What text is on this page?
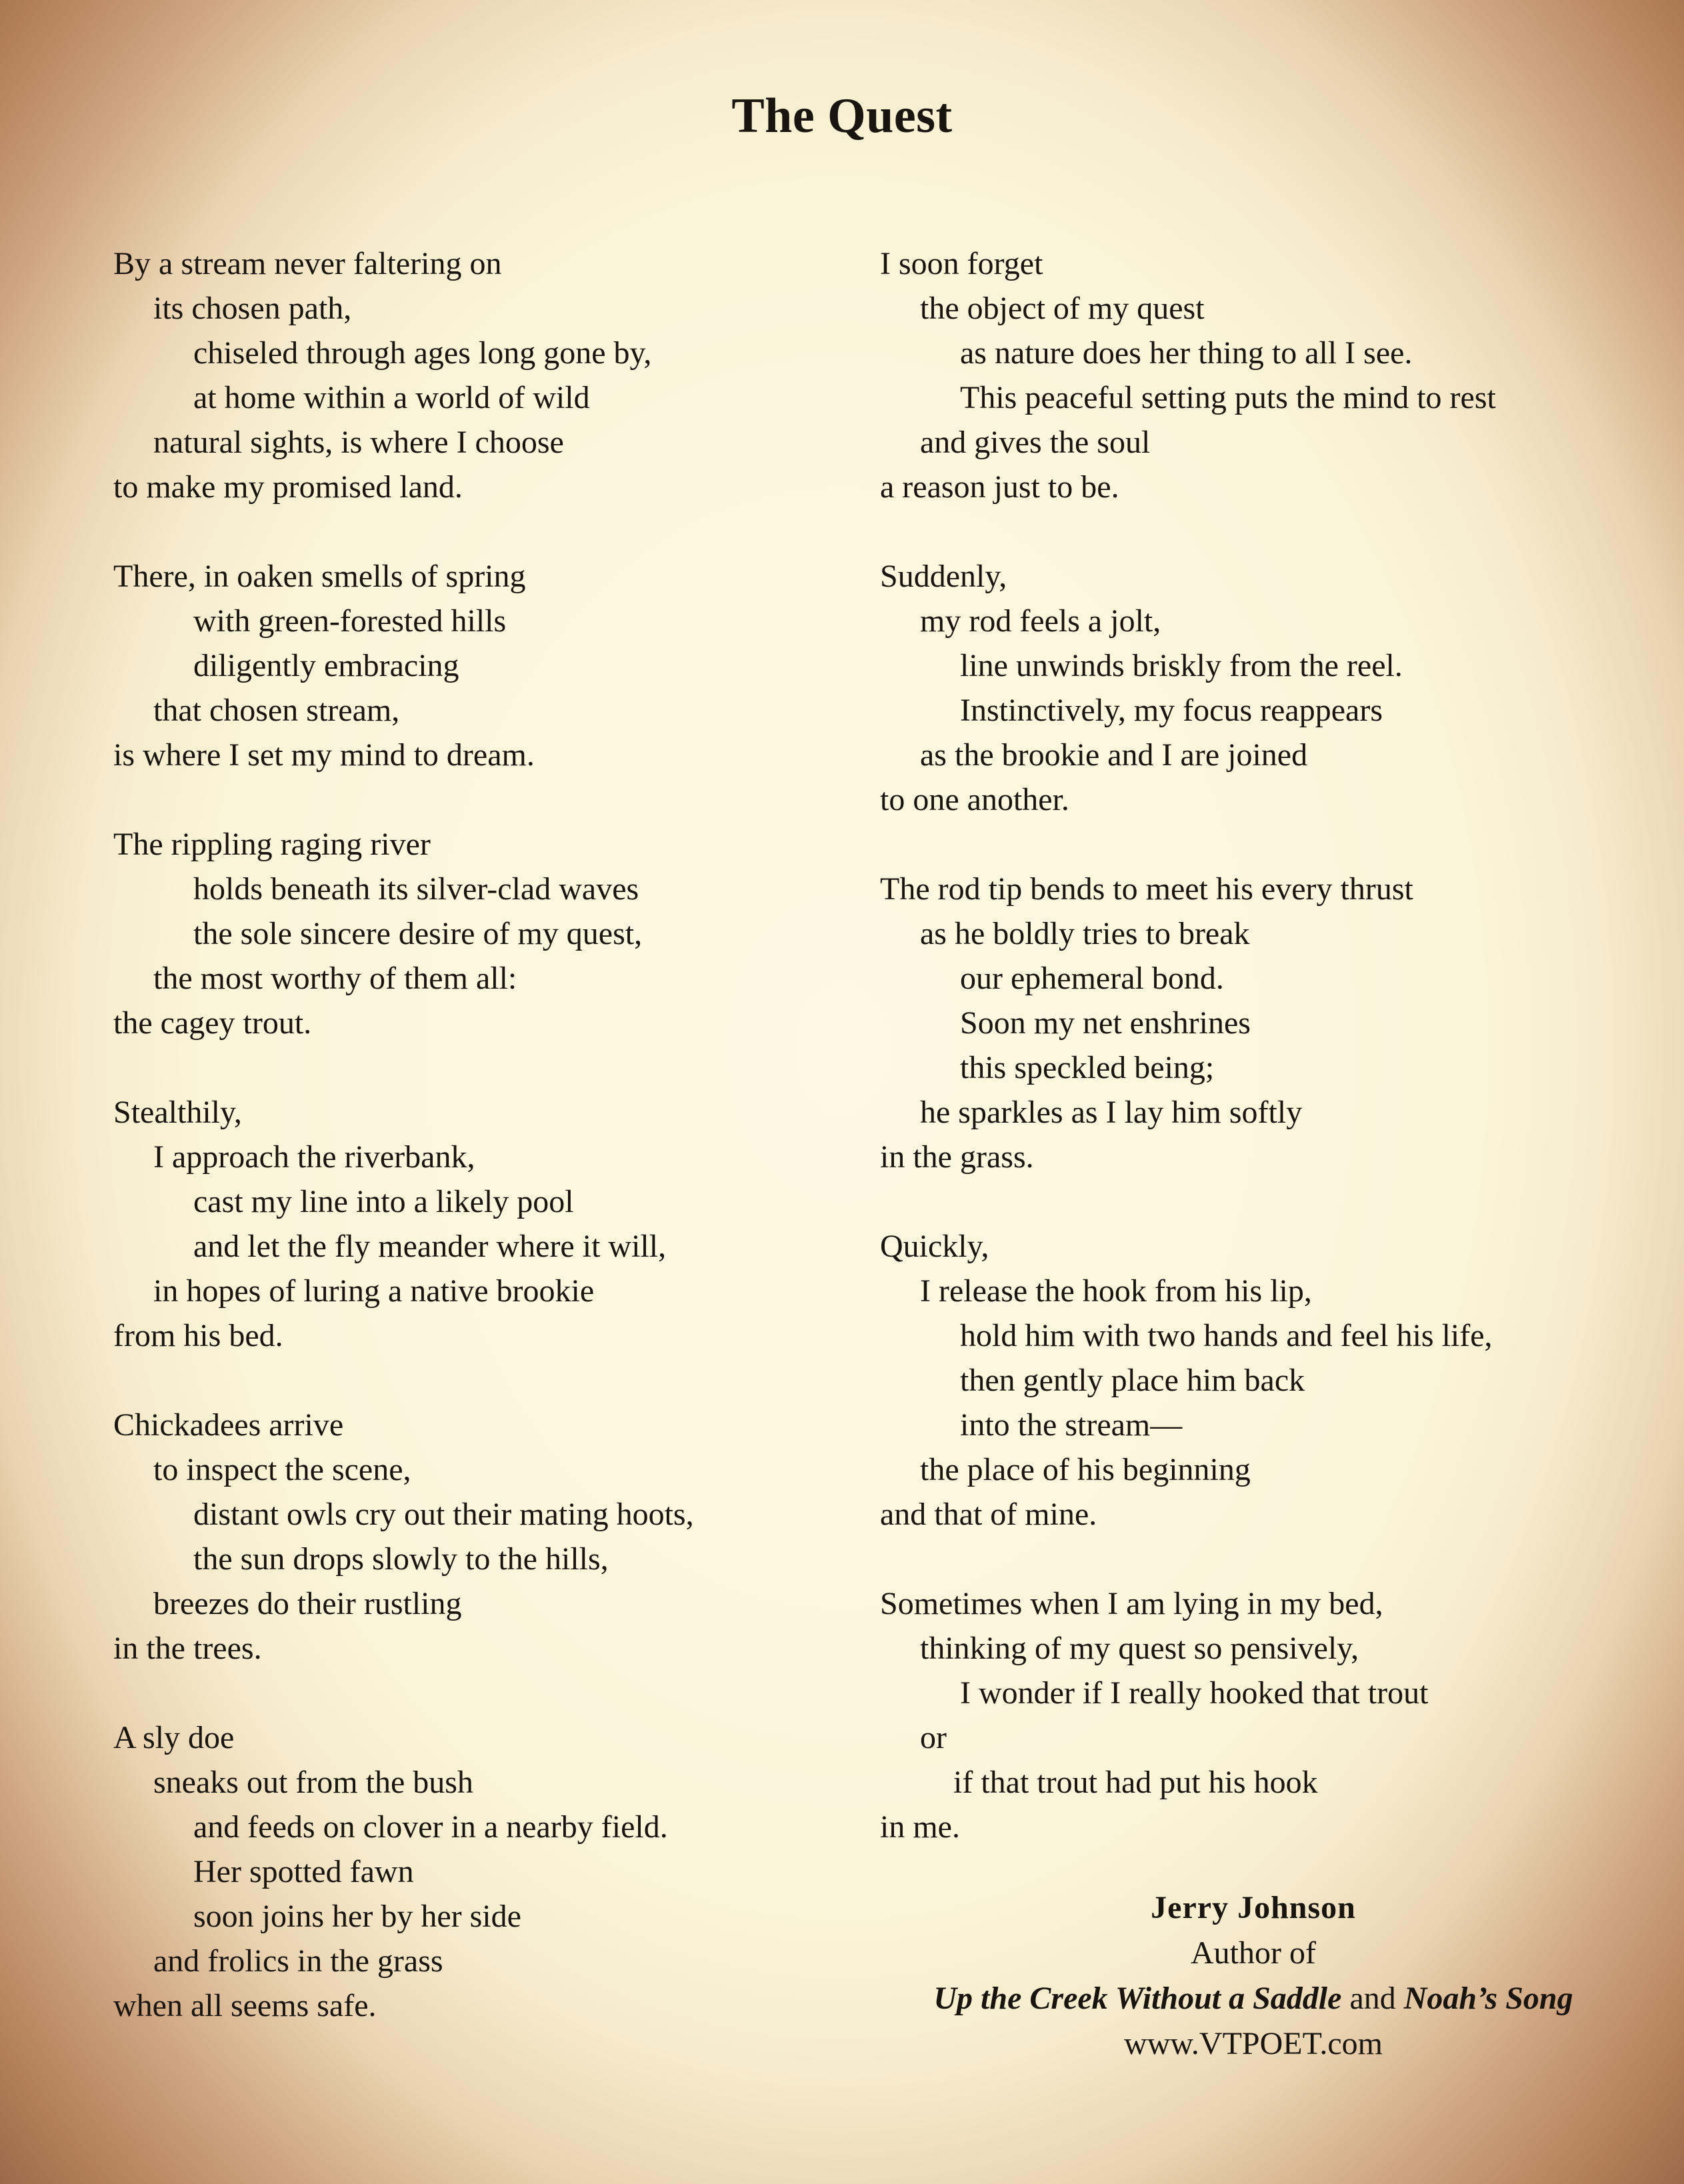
The Quest
By a stream never faltering on
its chosen path,
chiseled through ages long gone by,
at home within a world of wild
natural sights, is where I choose
to make my promised land.
There, in oaken smells of spring
with green-forested hills
diligently embracing
that chosen stream,
is where I set my mind to dream.
The rippling raging river
holds beneath its silver-clad waves
the sole sincere desire of my quest,
the most worthy of them all:
the cagey trout.
Stealthily,
I approach the riverbank,
cast my line into a likely pool
and let the fly meander where it will,
in hopes of luring a native brookie
from his bed.
Chickadees arrive
to inspect the scene,
distant owls cry out their mating hoots,
the sun drops slowly to the hills,
breezes do their rustling
in the trees.
A sly doe
sneaks out from the bush
and feeds on clover in a nearby field.
Her spotted fawn
soon joins her by her side
and frolics in the grass
when all seems safe.
I soon forget
the object of my quest
as nature does her thing to all I see.
This peaceful setting puts the mind to rest
and gives the soul
a reason just to be.
Suddenly,
my rod feels a jolt,
line unwinds briskly from the reel.
Instinctively, my focus reappears
as the brookie and I are joined
to one another.
The rod tip bends to meet his every thrust
as he boldly tries to break
our ephemeral bond.
Soon my net enshrines
this speckled being;
he sparkles as I lay him softly
in the grass.
Quickly,
I release the hook from his lip,
hold him with two hands and feel his life,
then gently place him back
into the stream—
the place of his beginning
and that of mine.
Sometimes when I am lying in my bed,
thinking of my quest so pensively,
I wonder if I really hooked that trout
or
if that trout had put his hook
in me.
Jerry Johnson
Author of
Up the Creek Without a Saddle and Noah’s Song
www.VTPOET.com
